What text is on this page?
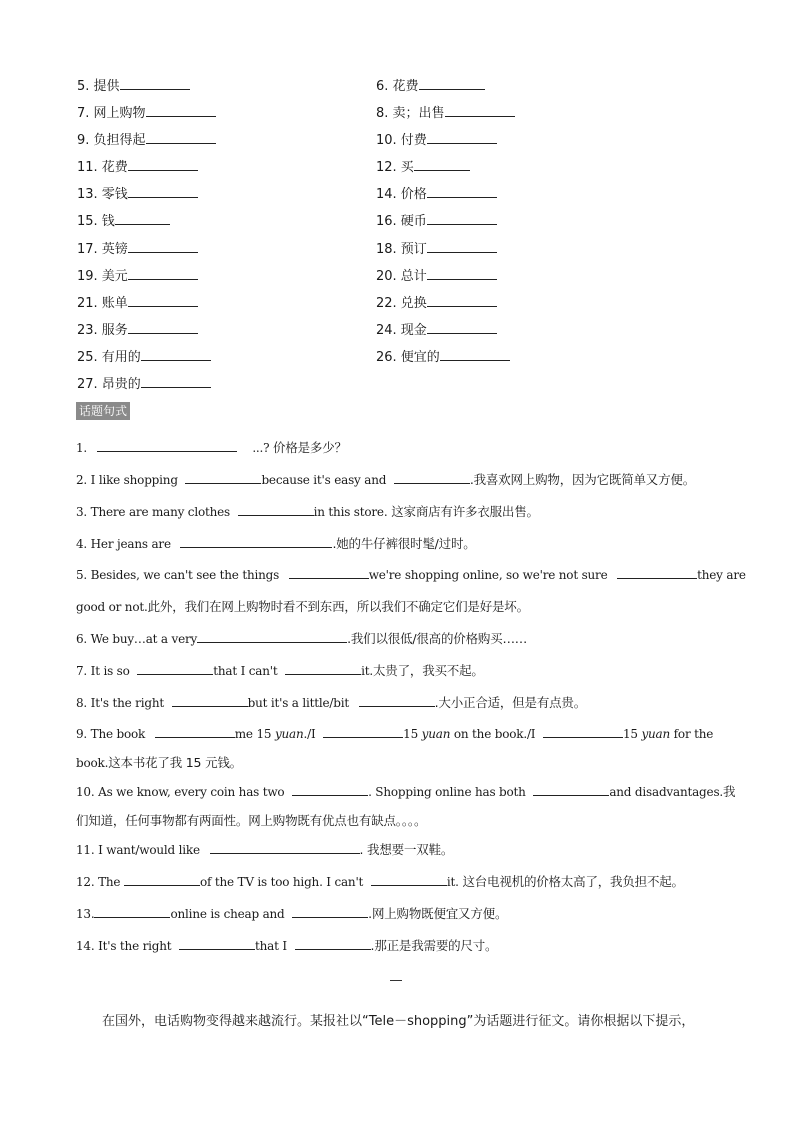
5. 提供	6. 花费
7. 网上购物	8. 卖；出售
9. 负担得起	10. 付费
11. 花费	12. 买
13. 零钱	14. 价格
15. 钱	16. 硬币
17. 英镑	18. 预订
19. 美元	20. 总计
21. 账单	22. 兑换
23. 服务	24. 现金
25. 有用的	26. 便宜的
27. 昂贵的
话题句式
1.	...? 价格是多少？
2. I like shopping	because it's easy and	.我喜欢网上购物，因为它既简单又方便。
3. There are many clothes	in this store. 这家商店有许多衣服出售。
4. Her jeans are	.她的牛仔裤很时髦/过时。
5. Besides, we can't see the things	we're shopping online, so we're not sure	they are
good or not.此外，我们在网上购物时看不到东西，所以我们不确定它们是好是坏。
6. We buy…at a very	.我们以很低/很高的价格购买……
7. It is so	that I can't	it.太贵了，我买不起。
8. It's the right	but it's a little/bit	.大小正合适，但是有点贵。
9. The book	me 15 yuan./I	15 yuan on the book./I	15 yuan for the
book.这本书花了我 15 元钱。
10. As we know, every coin has two	. Shopping online has both	and disadvantages.我
们知道，任何事物都有两面性。网上购物既有优点也有缺点。。。。
11. I want/would like	. 我想要一双鞋。
12. The	of the TV is too high. I can't	it. 这台电视机的价格太高了，我负担不起。
13.	online is cheap and	.网上购物既便宜又方便。
14. It's the right	that I	.那正是我需要的尺寸。
在国外，电话购物变得越来越流行。某报社以“Tele－shopping”为话题进行征文。请你根据以下提示，
